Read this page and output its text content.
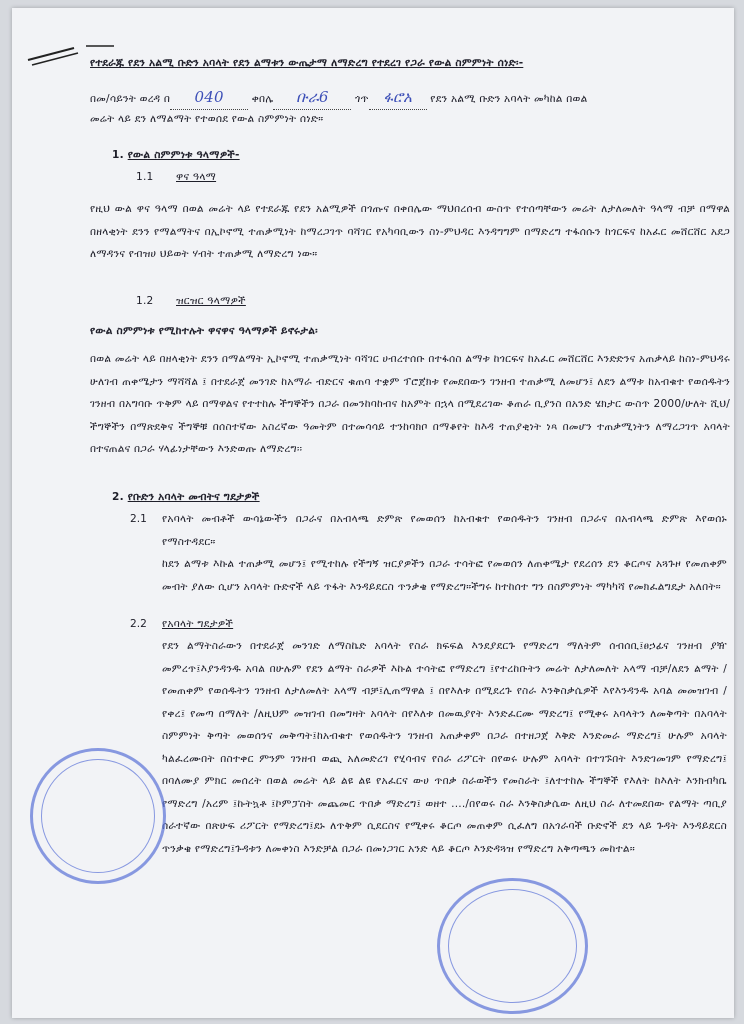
የተደራጁ የደን አልሚ ቡድን አባላት የደን ልማቱን ውጤታማ ለማድረግ የተደረገ የጋራ የውል ስምምነት ሰነድ፡-
በመ/ሳይንት ወረዳ በ 040	ቀበሌ ቡራ6 ጎጥ ፋሮአ የደን አልሚ ቡድን አባላት መካከል በወል
መሬት ላይ ደን ለማልማት የተወሰደ የውል ስምምነት ሰነድ።
1. የውል ስምምነቱ ዓላማዎች-
1.1 ዋና ዓላማ
የዚህ ውል ዋና ዓላማ በወል መሬት ላይ የተደራጁ የደን አልሚዎች በጎጡና በቀበሌው ማህበረሰብ ውስጥ የተሰጣቸውን መሬት ለታለመለት ዓላማ ብቻ በማዋል በዘላቂነት ደንን የማልማትና በኢኮኖሚ ተጠቃሚነት ከማረጋገጥ ባሻገር የአካባቢውን ስነ-ምህዳር እንዳግግም በማድረግ ተፋሰሱን ከጎርፍና ከአፈር መሸርሸር አደጋ ለማዳንና የብዝሀ ህይወት ሃብት ተጠቃሚ ለማድረግ ነው።
1.2 ዝርዝር ዓላማዎች
የውል ስምምነቱ የሚከተሉት ዋናዋና ዓላማዎች ይኖሩታል፡
በወል መሬት ላይ በዘላቂነት ደንን በማልማት ኢኮኖሚ ተጠቃሚነት ባሻገር ሀብረተሰቡ በተፋሰስ ልማቱ ከጎርፍና ከአፈር መሸርሸር እንድድንና አጠቃላይ ከስነ-ምህዳሩ ሁለገብ ጠቀሜታን ማሻሻል ፤ በተደራጀ መንገድ ከአማራ ብድርና ቁጠባ ተቋም ፕሮጀክቱ የመደበውን ገንዘብ ተጠቃሚ ለመሆን፤ ለደን ልማቱ ከአብቁተ የወሰዱትን ገንዘብ በአግባቡ ጥቅም ላይ በማዋልና የተተከሉ ችግኞችን በጋራ በመንከባከብና ከአምት በኋላ በሚደረገው ቆጠራ ቢያንስ በአንድ ሄክታር ውስጥ 2000/ሁለት ሺህ/ ችግኞችን በማጽደቅና ችግኞቹ በሰስተኛው አስረኛው ዓመትም በተመሳሳይ ተንከባክቦ በማቆየት ከእዳ ተጠያቂነት ነጻ በመሆን ተጠቃሚነትን ለማረጋገጥ አባላት በተናጠልና በጋራ ሃላፊነታቸውን እንድወጡ ለማድረግ፡፡
2. የቡድን አባላት መብትና ግደታዎች
2.1 የአባላት መብቶች ውሳኔውችን በጋራና በአብላጫ ድምጽ የመወሰን ከአብቁተ የወሰዱትን ገንዘብ በጋራና በአብላጫ ድምጽ እየወሰኑ የማስተዳደር።
ከደን ልማቱ እኩል ተጠቃሚ መሆን፤ የሚተከሉ የችግኝ ዝርያዎችን በጋራ ተሳትፎ የመወሰን ለጠቀሜታ የደረሰን ደን ቆርጦና አጓጉዞ የመጠቀም መብት ያለው ሲሆን አባላት ቡድኖች ላይ ጥፋት እንዳይደርስ ጥንቃቄ የማድረግ።ችግሩ ከተከሰተ ግን በስምምነት ማካካሻ የመክፈልግዴታ አለበት።
2.2 የአባላት ግደታዎች
የደን ልማትስራውን በተደራጀ መንገድ ለማስኬድ አባላት የስራ ክፍፍል እንደያደርጉ የማድረግ ማለትም ሰብሰቢ፤ፀኃፊና ገንዘብ ያዥ መምረጥ፤እያንዳንዱ አባል በሁሉም የደን ልማት ስራዎች እኩል ተሳትፎ የማድረግ ፤የተረከቡትን መሬት ለታለመለት አላማ ብቻ/ለደን ልማት /የመጠቀም የወሰዱትን ገንዘብ ለታለመለት አላማ ብቻ፤ሊጠማዋል ፤ በየእለቱ በሚደረጉ የስራ እንቅስቃሴዎች እየእንዳንዱ አባል መመዝገብ /የቀረ፤ የመጣ በማለት /ለዚህም መዝገብ በመግዛት አባላት በየእለቱ በመዉያየት እንድፈርሙ ማድረግ፤ የሚቀሩ አባላትን ለመቅጣት በአባላት ስምምነት ቅጣት መወሰንና መቅጣት፤ከአብቁተ የወሰዱትን ገንዘብ አጠቃቀም በጋራ በተዘጋጀ እቅድ እንድመራ ማድረግ፤ ሁሉም አባላት ካልፈረሙበት በስተቀር ምንም ገንዘብ ወጪ አለመድረገ የሂሳብና የስራ ሪፖርት በየወሩ ሁሉም አባላት በተገኙበት እንድገመገም የማድረግ፤ በባለሙያ ምክር መሰረት በወል መሬት ላይ ልዩ ልዩ የአፈርና ውሀ ጥበቃ ስራወችን የመስራት ፤ለተተከሉ ችግኞች የእለት ከእለት እንክብካቤ የማድረግ /አረም ፤ኩትኳቶ ፤ኮምፓስት መጨመር ጥበቃ ማድረግ፤ ወዘተ ..../በየወሩ ስራ እንቅስቃሴው ለዚህ ስራ ለተመደበው የልማት ጣቢያ ሰራተኛው በጽሁፍ ሪፖርት የማድረግ፤ደኑ ለጥቅም ሲደርስና የሚቀሩ ቆርጦ መጠቀም ሲፈለግ በአጎራባች ቡድኖች ደን ላይ ጉዳት እንዳይደርስ ጥንቃቄ የማድረግ፤ጉዳቱን ለመቀነስ እንድቻል በጋራ በመነጋገር አንድ ላይ ቆርጦ እንድዳጓዝ የማድረግ አቅጣጫን መከተል።
